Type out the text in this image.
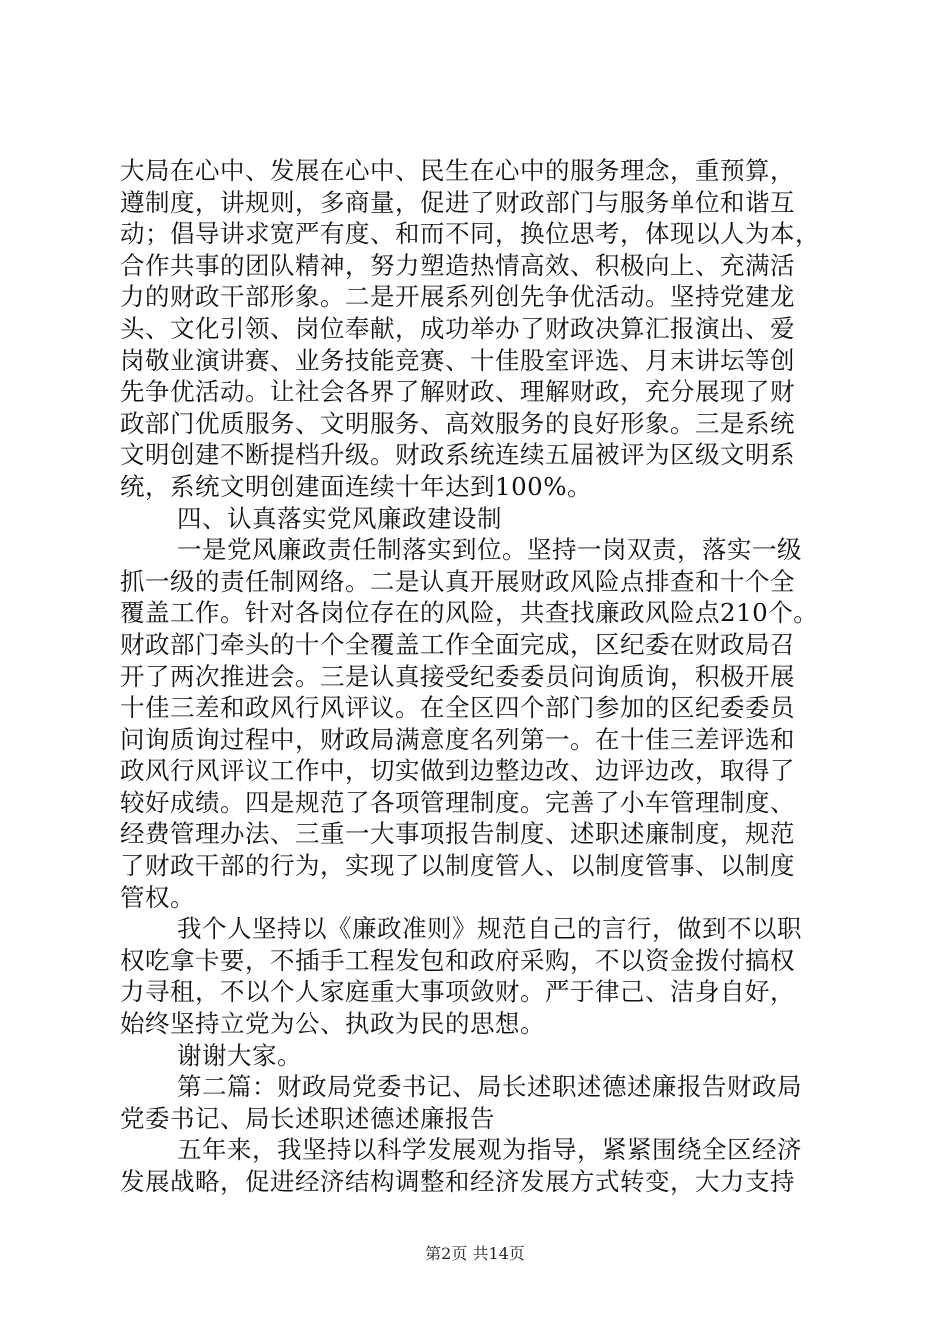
大局在心中、发展在心中、民生在心中的服务理念，重预算，
遵制度，讲规则，多商量，促进了财政部门与服务单位和谐互
动；倡导讲求宽严有度、和而不同，换位思考，体现以人为本，
合作共事的团队精神，努力塑造热情高效、积极向上、充满活
力的财政干部形象。二是开展系列创先争优活动。坚持党建龙
头、文化引领、岗位奉献，成功举办了财政决算汇报演出、爱
岗敬业演讲赛、业务技能竞赛、十佳股室评选、月末讲坛等创
先争优活动。让社会各界了解财政、理解财政，充分展现了财
政部门优质服务、文明服务、高效服务的良好形象。三是系统
文明创建不断提档升级。财政系统连续五届被评为区级文明系
统，系统文明创建面连续十年达到100%。
四、认真落实党风廉政建设制
一是党风廉政责任制落实到位。坚持一岗双责，落实一级
抓一级的责任制网络。二是认真开展财政风险点排查和十个全
覆盖工作。针对各岗位存在的风险，共查找廉政风险点210个。
财政部门牵头的十个全覆盖工作全面完成，区纪委在财政局召
开了两次推进会。三是认真接受纪委委员问询质询，积极开展
十佳三差和政风行风评议。在全区四个部门参加的区纪委委员
问询质询过程中，财政局满意度名列第一。在十佳三差评选和
政风行风评议工作中，切实做到边整边改、边评边改，取得了
较好成绩。四是规范了各项管理制度。完善了小车管理制度、
经费管理办法、三重一大事项报告制度、述职述廉制度，规范
了财政干部的行为，实现了以制度管人、以制度管事、以制度
管权。
我个人坚持以《廉政准则》规范自己的言行，做到不以职
权吃拿卡要，不插手工程发包和政府采购，不以资金拨付搞权
力寻租，不以个人家庭重大事项敛财。严于律己、洁身自好，
始终坚持立党为公、执政为民的思想。
谢谢大家。
第二篇：财政局党委书记、局长述职述德述廉报告财政局
党委书记、局长述职述德述廉报告
五年来，我坚持以科学发展观为指导，紧紧围绕全区经济
发展战略，促进经济结构调整和经济发展方式转变，大力支持
第2页 共14页
